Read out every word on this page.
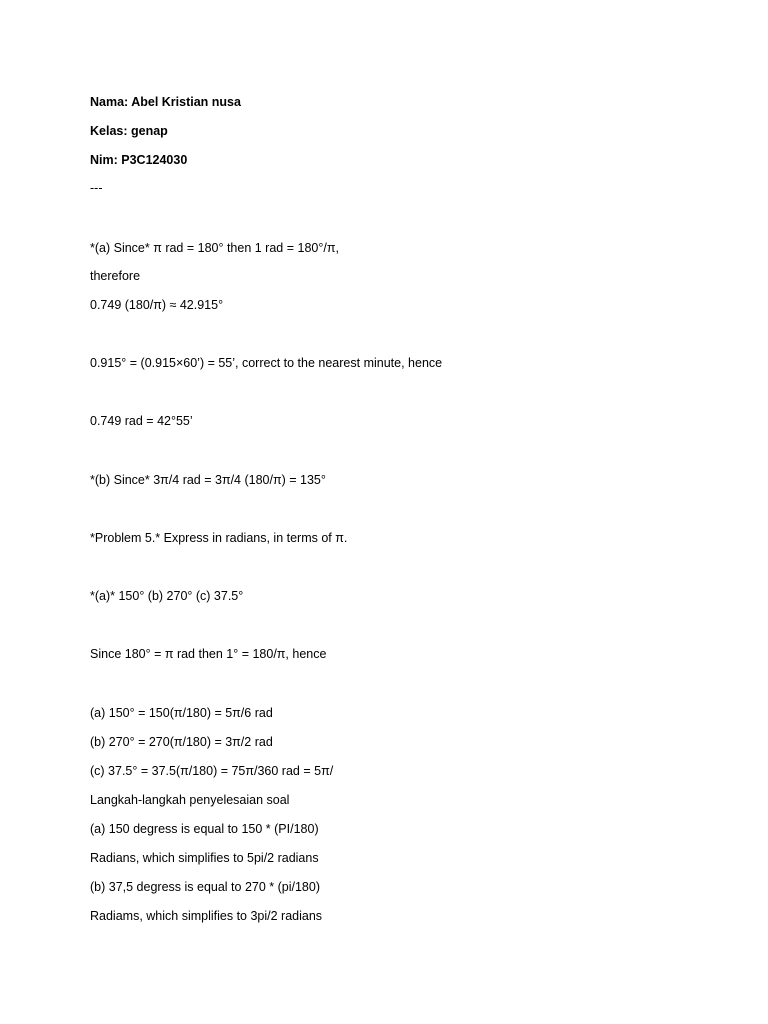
Nama: Abel Kristian nusa
Kelas: genap
Nim: P3C124030
---
*(a) Since* π rad = 180° then 1 rad = 180°/π,
therefore
0.749 (180/π) ≈ 42.915°
0.915° = (0.915×60’) = 55’, correct to the nearest minute, hence
0.749 rad = 42°55’
*(b) Since* 3π/4 rad = 3π/4 (180/π) = 135°
*Problem 5.* Express in radians, in terms of π.
*(a)* 150° (b) 270° (c) 37.5°
Since 180° = π rad then 1° = 180/π, hence
(a) 150° = 150(π/180) = 5π/6 rad
(b) 270° = 270(π/180) = 3π/2 rad
(c) 37.5° = 37.5(π/180) = 75π/360 rad = 5π/
Langkah-langkah penyelesaian soal
(a) 150 degress is equal to 150 * (PI/180)
Radians, which simplifies to 5pi/2 radians
(b) 37,5 degress is equal to 270 * (pi/180)
Radiams, which simplifies to 3pi/2 radians
